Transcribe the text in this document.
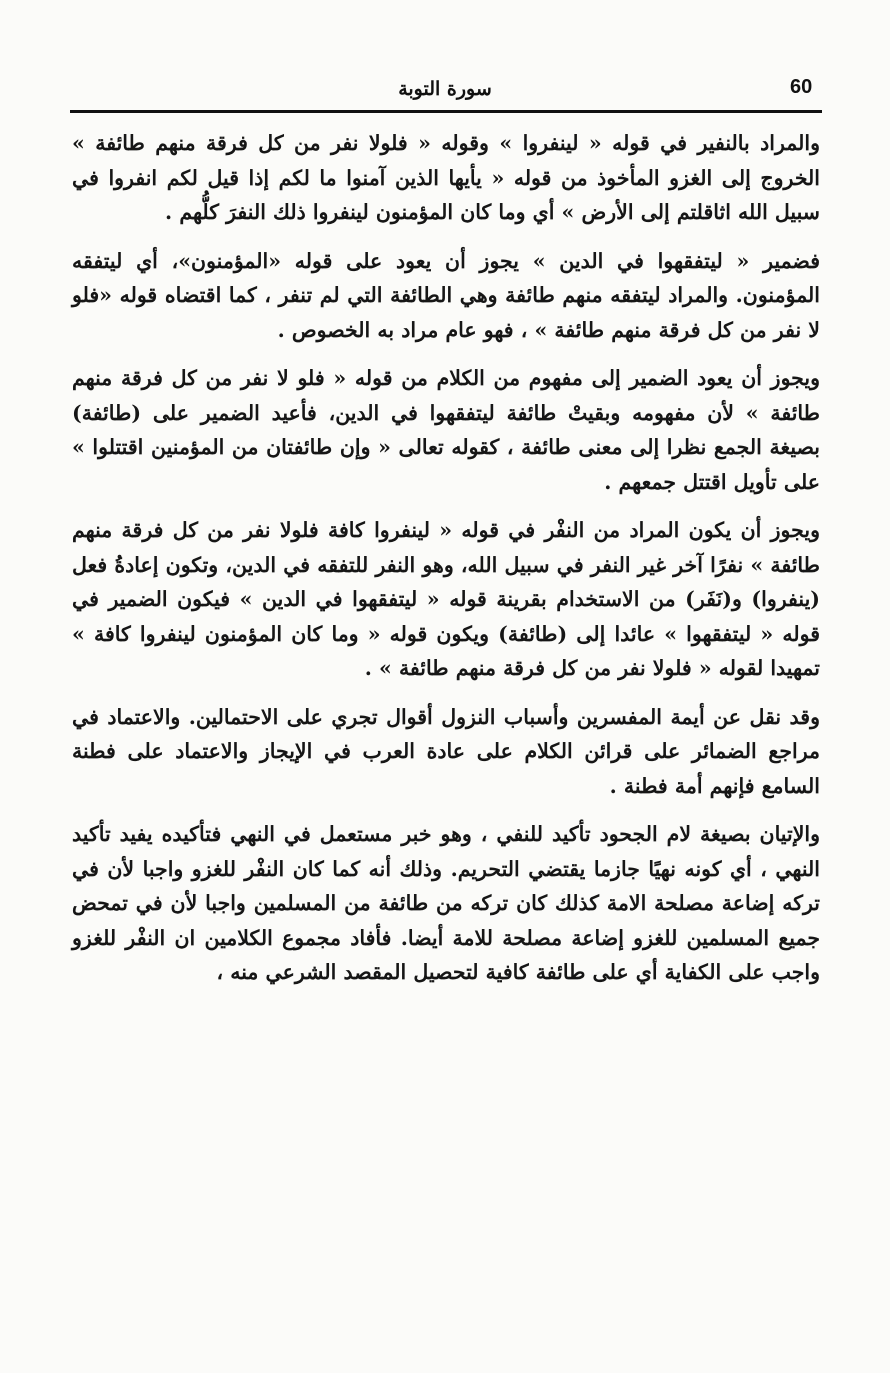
60
سورة التوبة

والمراد بالنفير في قوله « لينفروا » وقوله « فلولا نفر من كل فرقة منهم طائفة » الخروج إلى الغزو المأخوذ من قوله « يأيها الذين آمنوا ما لكم إذا قيل لكم انفروا في سبيل الله اثاقلتم إلى الأرض » أي وما كان المؤمنون لينفروا ذلك النفرَ كلُّهم .

فضمير « ليتفقهوا في الدين » يجوز أن يعود على قوله «المؤمنون»، أي ليتفقه المؤمنون. والمراد ليتفقه منهم طائفة وهي الطائفة التي لم تنفر ، كما اقتضاه قوله «فلو لا نفر من كل فرقة منهم طائفة » ، فهو عام مراد به الخصوص .

ويجوز أن يعود الضمير إلى مفهوم من الكلام من قوله « فلو لا نفر من كل فرقة منهم طائفة » لأن مفهومه وبقيتْ طائفة ليتفقهوا في الدين، فأعيد الضمير على (طائفة) بصيغة الجمع نظرا إلى معنى طائفة ، كقوله تعالى « وإن طائفتان من المؤمنين اقتتلوا » على تأويل اقتتل جمعهم .

ويجوز أن يكون المراد من النفْر في قوله « لينفروا كافة فلولا نفر من كل فرقة منهم طائفة » نفرًا آخر غير النفر في سبيل الله، وهو النفر للتفقه في الدين، وتكون إعادةُ فعل (ينفروا) و(نَفَر) من الاستخدام بقرينة قوله « ليتفقهوا في الدين » فيكون الضمير في قوله « ليتفقهوا » عائدا إلى (طائفة) ويكون قوله « وما كان المؤمنون لينفروا كافة » تمهيدا لقوله « فلولا نفر من كل فرقة منهم طائفة » .

وقد نقل عن أيمة المفسرين وأسباب النزول أقوال تجري على الاحتمالين. والاعتماد في مراجع الضمائر على قرائن الكلام على عادة العرب في الإيجاز والاعتماد على فطنة السامع فإنهم أمة فطنة .

والإتيان بصيغة لام الجحود تأكيد للنفي ، وهو خبر مستعمل في النهي فتأكيده يفيد تأكيد النهي ، أي كونه نهيًا جازما يقتضي التحريم. وذلك أنه كما كان النفْر للغزو واجبا لأن في تركه إضاعة مصلحة الامة كذلك كان تركه من طائفة من المسلمين واجبا لأن في تمحض جميع المسلمين للغزو إضاعة مصلحة للامة أيضا. فأفاد مجموع الكلامين ان النفْر للغزو واجب على الكفاية أي على طائفة كافية لتحصيل المقصد الشرعي منه ،
